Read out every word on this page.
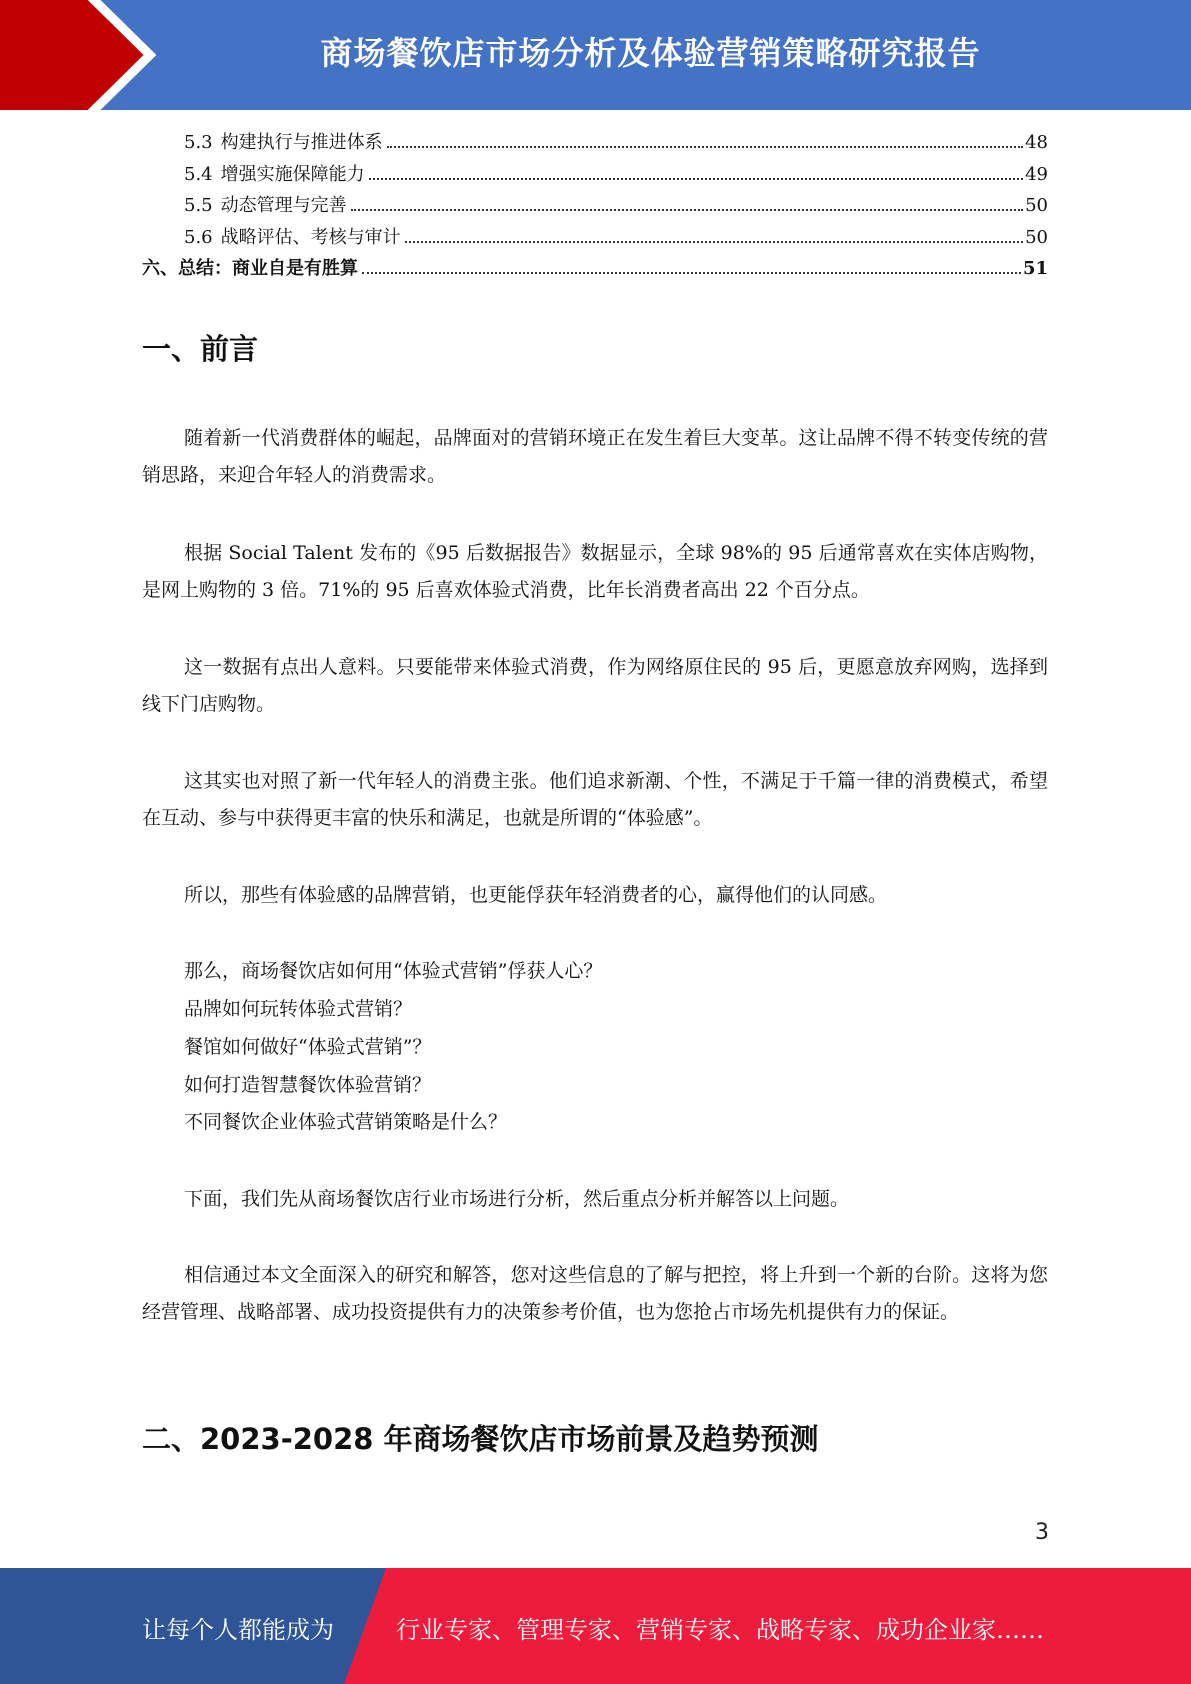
商场餐饮店市场分析及体验营销策略研究报告
5.3 构建执行与推进体系	48
5.4 增强实施保障能力	49
5.5 动态管理与完善	50
5.6 战略评估、考核与审计	50
六、总结：商业自是有胜算	51
一、前言

随着新一代消费群体的崛起，品牌面对的营销环境正在发生着巨大变革。这让品牌不得不转变传统的营销思路，来迎合年轻人的消费需求。

根据 Social Talent 发布的《95 后数据报告》数据显示，全球 98%的 95 后通常喜欢在实体店购物，是网上购物的 3 倍。71%的 95 后喜欢体验式消费，比年长消费者高出 22 个百分点。

这一数据有点出人意料。只要能带来体验式消费，作为网络原住民的 95 后，更愿意放弃网购，选择到线下门店购物。

这其实也对照了新一代年轻人的消费主张。他们追求新潮、个性，不满足于千篇一律的消费模式，希望在互动、参与中获得更丰富的快乐和满足，也就是所谓的“体验感”。

所以，那些有体验感的品牌营销，也更能俘获年轻消费者的心，赢得他们的认同感。

那么，商场餐饮店如何用“体验式营销”俘获人心？
品牌如何玩转体验式营销？
餐馆如何做好“体验式营销”？
如何打造智慧餐饮体验营销？
不同餐饮企业体验式营销策略是什么？

下面，我们先从商场餐饮店行业市场进行分析，然后重点分析并解答以上问题。

相信通过本文全面深入的研究和解答，您对这些信息的了解与把控，将上升到一个新的台阶。这将为您经营管理、战略部署、成功投资提供有力的决策参考价值，也为您抢占市场先机提供有力的保证。

二、2023-2028 年商场餐饮店市场前景及趋势预测
3
让每个人都能成为	行业专家、管理专家、营销专家、战略专家、成功企业家……
